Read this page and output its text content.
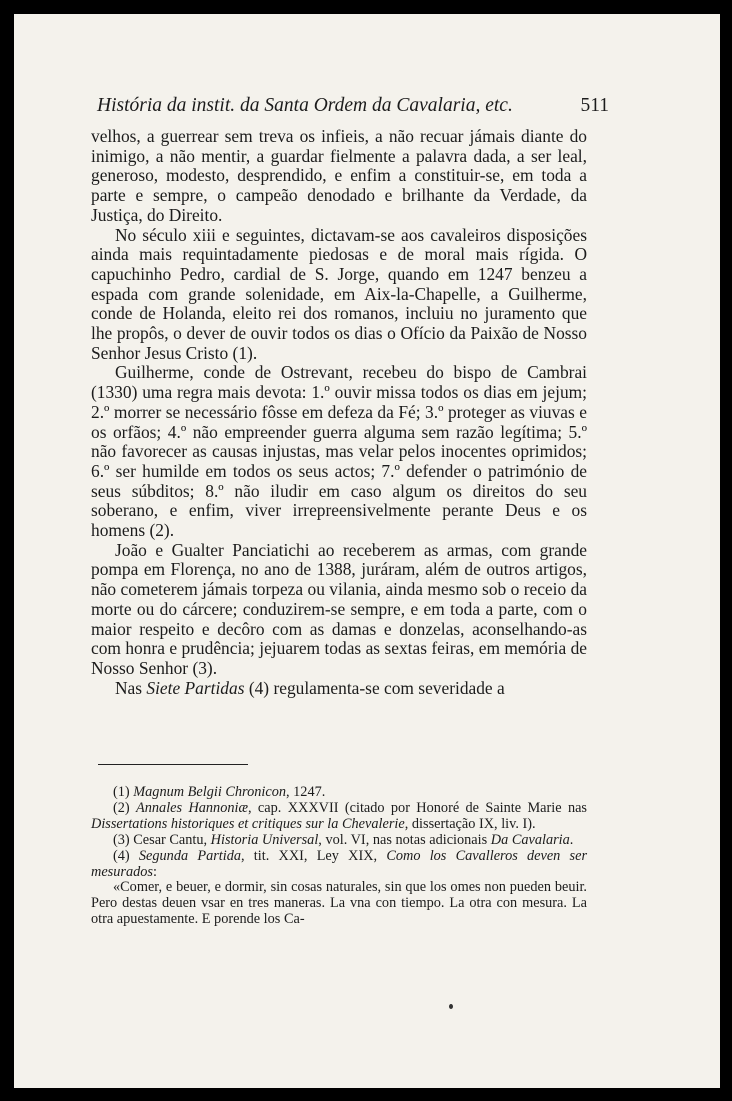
História da instit. da Santa Ordem da Cavalaria, etc.	511

velhos, a guerrear sem treva os infieis, a não recuar jámais diante do inimigo, a não mentir, a guardar fielmente a palavra dada, a ser leal, generoso, modesto, desprendido, e enfim a constituir-se, em toda a parte e sempre, o campeão denodado e brilhante da Verdade, da Justiça, do Direito.

No século xiii e seguintes, dictavam-se aos cavaleiros disposições ainda mais requintadamente piedosas e de moral mais rígida. O capuchinho Pedro, cardial de S. Jorge, quando em 1247 benzeu a espada com grande solenidade, em Aix-la-Chapelle, a Guilherme, conde de Holanda, eleito rei dos romanos, incluiu no juramento que lhe propôs, o dever de ouvir todos os dias o Ofício da Paixão de Nosso Senhor Jesus Cristo (1).

Guilherme, conde de Ostrevant, recebeu do bispo de Cambrai (1330) uma regra mais devota: 1.º ouvir missa todos os dias em jejum; 2.º morrer se necessário fôsse em defeza da Fé; 3.º proteger as viuvas e os orfãos; 4.º não empreender guerra alguma sem razão legítima; 5.º não favorecer as causas injustas, mas velar pelos inocentes oprimidos; 6.º ser humilde em todos os seus actos; 7.º defender o património de seus súbditos; 8.º não iludir em caso algum os direitos do seu soberano, e enfim, viver irrepreensivelmente perante Deus e os homens (2).

João e Gualter Panciatichi ao receberem as armas, com grande pompa em Florença, no ano de 1388, juráram, além de outros artigos, não cometerem jámais torpeza ou vilania, ainda mesmo sob o receio da morte ou do cárcere; conduzirem-se sempre, e em toda a parte, com o maior respeito e decôro com as damas e donzelas, aconselhando-as com honra e prudência; jejuarem todas as sextas feiras, em memória de Nosso Senhor (3).

Nas Siete Partidas (4) regulamenta-se com severidade a

(1) Magnum Belgii Chronicon, 1247.

(2) Annales Hannoniæ, cap. XXXVII (citado por Honoré de Sainte Marie nas Dissertations historiques et critiques sur la Chevalerie, dissertação IX, liv. I).

(3) Cesar Cantu, Historia Universal, vol. VI, nas notas adicionais Da Cavalaria.

(4) Segunda Partida, tit. XXI, Ley XIX, Como los Cavalleros deven ser mesurados:

«Comer, e beuer, e dormir, sin cosas naturales, sin que los omes non pueden beuir. Pero destas deuen vsar en tres maneras. La vna con tiempo. La otra con mesura. La otra apuestamente. E porende los Ca-
